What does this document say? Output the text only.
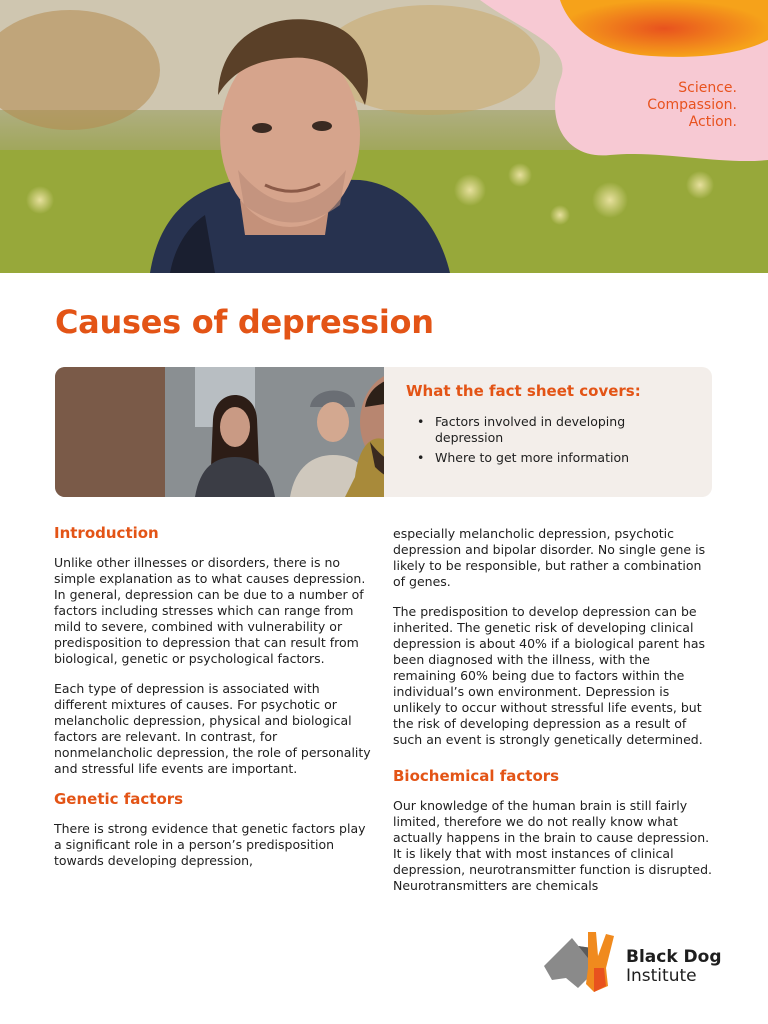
Science.
Compassion.
Action.
Causes of depression
What the fact sheet covers:
• Factors involved in developing depression
• Where to get more information
Introduction

Unlike other illnesses or disorders, there is no simple explanation as to what causes depression. In general, depression can be due to a number of factors including stresses which can range from mild to severe, combined with vulnerability or predisposition to depression that can result from biological, genetic or psychological factors.

Each type of depression is associated with different mixtures of causes. For psychotic or melancholic depression, physical and biological factors are relevant. In contrast, for nonmelancholic depression, the role of personality and stressful life events are important.

Genetic factors

There is strong evidence that genetic factors play a significant role in a person’s predisposition towards developing depression,

especially melancholic depression, psychotic depression and bipolar disorder. No single gene is likely to be responsible, but rather a combination of genes.

The predisposition to develop depression can be inherited. The genetic risk of developing clinical depression is about 40% if a biological parent has been diagnosed with the illness, with the remaining 60% being due to factors within the individual’s own environment. Depression is unlikely to occur without stressful life events, but the risk of developing depression as a result of such an event is strongly genetically determined.

Biochemical factors

Our knowledge of the human brain is still fairly limited, therefore we do not really know what actually happens in the brain to cause depression. It is likely that with most instances of clinical depression, neurotransmitter function is disrupted. Neurotransmitters are chemicals

Black Dog
Institute
